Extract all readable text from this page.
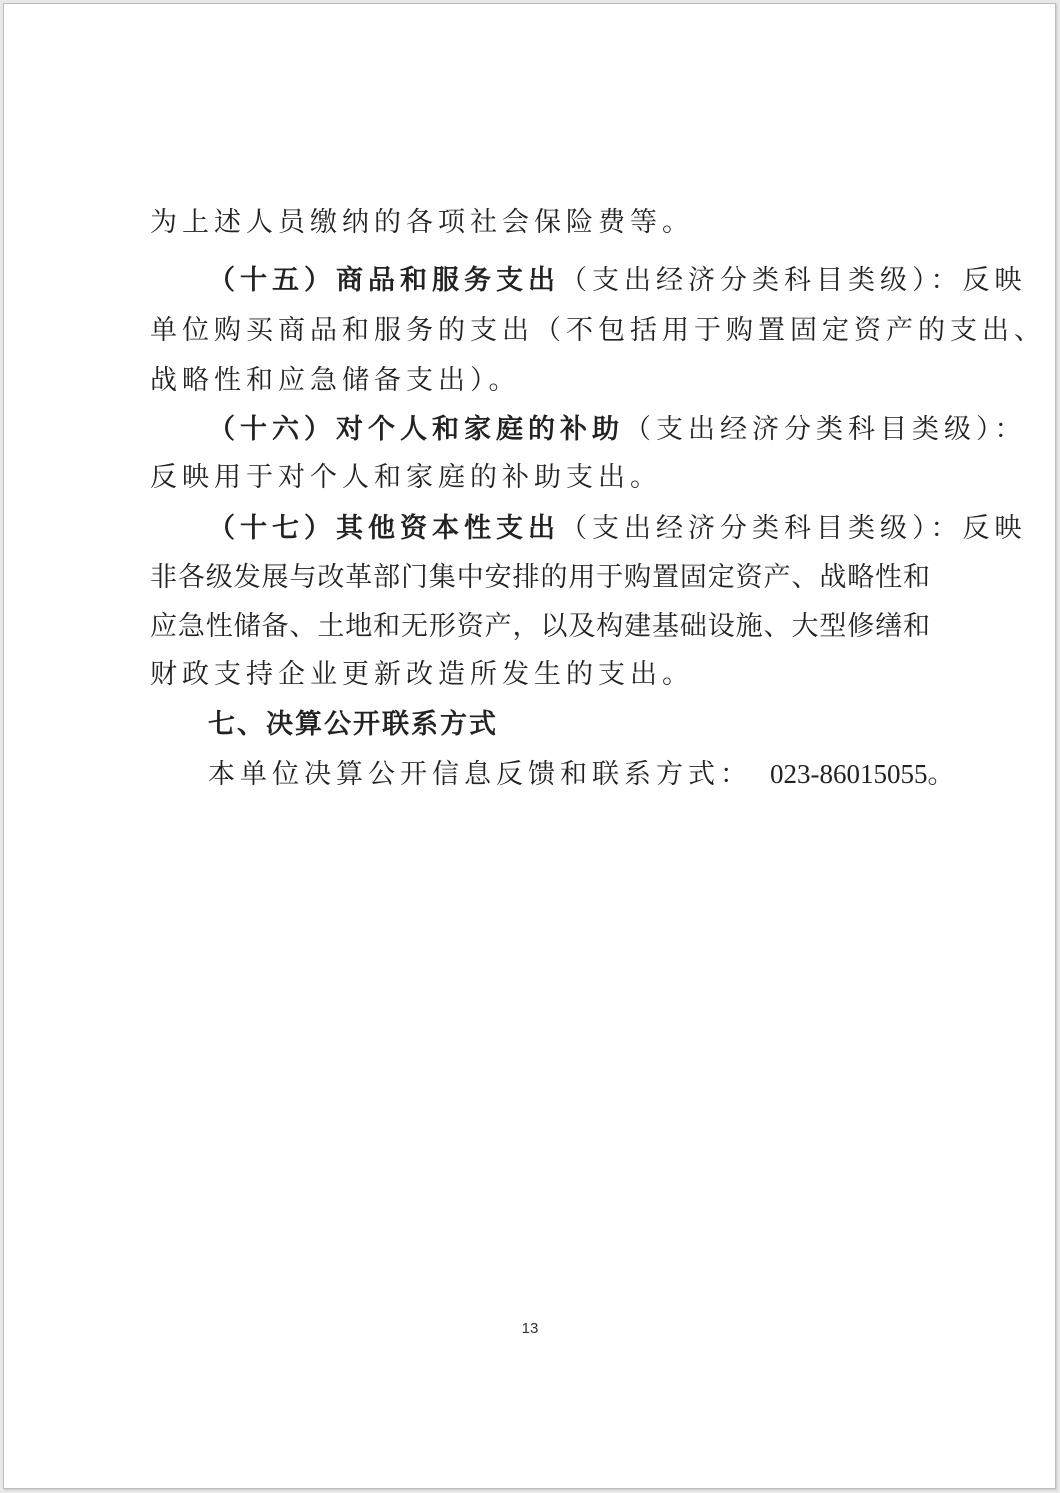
为上述人员缴纳的各项社会保险费等。
（十五）商品和服务支出（支出经济分类科目类级）：反映
单位购买商品和服务的支出（不包括用于购置固定资产的支出、
战略性和应急储备支出）。
（十六）对个人和家庭的补助（支出经济分类科目类级）：
反映用于对个人和家庭的补助支出。
（十七）其他资本性支出（支出经济分类科目类级）：反映
非各级发展与改革部门集中安排的用于购置固定资产、战略性和
应急性储备、土地和无形资产，以及构建基础设施、大型修缮和
财政支持企业更新改造所发生的支出。
七、决算公开联系方式
本单位决算公开信息反馈和联系方式： 023-86015055。
13
